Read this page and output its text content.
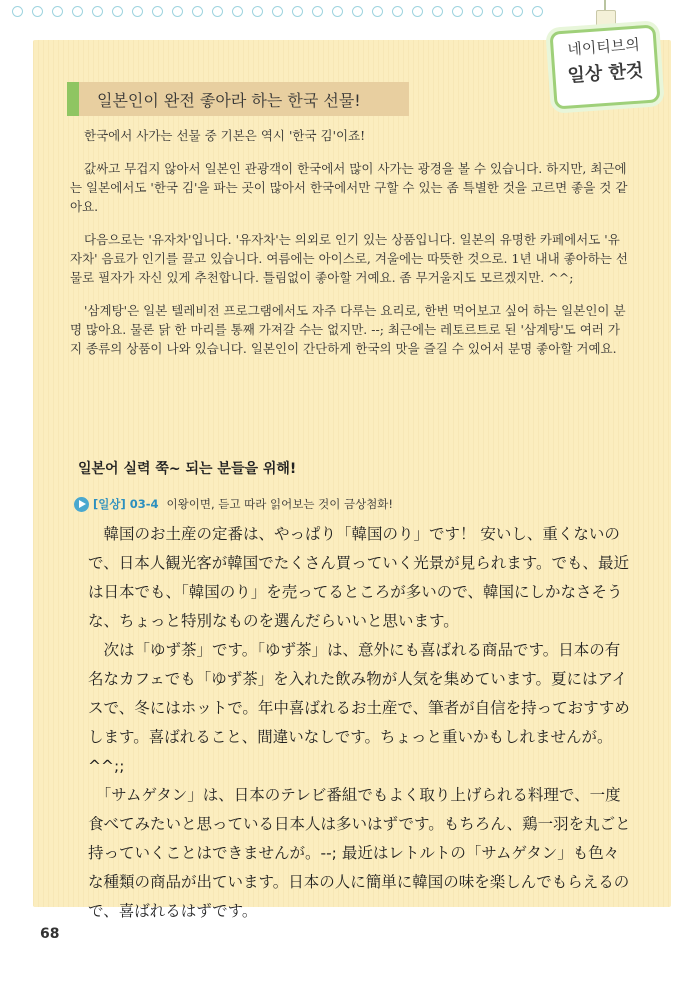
네이티브의
일상 한것
일본인이 완전 좋아라 하는 한국 선물!

한국에서 사가는 선물 중 기본은 역시 '한국 김'이죠!

값싸고 무겁지 않아서 일본인 관광객이 한국에서 많이 사가는 광경을 볼 수 있습니다. 하지만, 최근에는 일본에서도 '한국 김'을 파는 곳이 많아서 한국에서만 구할 수 있는 좀 특별한 것을 고르면 좋을 것 같아요.

다음으로는 '유자차'입니다. '유자차'는 의외로 인기 있는 상품입니다. 일본의 유명한 카페에서도 '유자차' 음료가 인기를 끌고 있습니다. 여름에는 아이스로, 겨울에는 따뜻한 것으로. 1년 내내 좋아하는 선물로 필자가 자신 있게 추천합니다. 틀림없이 좋아할 거예요. 좀 무거울지도 모르겠지만. ^^;

'삼계탕'은 일본 텔레비전 프로그램에서도 자주 다루는 요리로, 한번 먹어보고 싶어 하는 일본인이 분명 많아요. 물론 닭 한 마리를 통째 가져갈 수는 없지만. --; 최근에는 레토르트로 된 '삼계탕'도 여러 가지 종류의 상품이 나와 있습니다. 일본인이 간단하게 한국의 맛을 즐길 수 있어서 분명 좋아할 거예요.

일본어 실력 쭉~ 되는 분들을 위해!
[일상] 03-4 이왕이면, 듣고 따라 읽어보는 것이 금상첨화!

　韓国のお土産の定番は、やっぱり「韓国のり」です！ 安いし、重くないので、日本人観光客が韓国でたくさん買っていく光景が見られます。でも、最近は日本でも、「韓国のり」を売ってるところが多いので、韓国にしかなさそうな、ちょっと特別なものを選んだらいいと思います。

　次は「ゆず茶」です。「ゆず茶」は、意外にも喜ばれる商品です。日本の有名なカフェでも「ゆず茶」を入れた飲み物が人気を集めています。夏にはアイスで、冬にはホットで。年中喜ばれるお土産で、筆者が自信を持っておすすめします。喜ばれること、間違いなしです。ちょっと重いかもしれませんが。^^;;

　「サムゲタン」は、日本のテレビ番組でもよく取り上げられる料理で、一度食べてみたいと思っている日本人は多いはずです。もちろん、鶏一羽を丸ごと持っていくことはできませんが。--; 最近はレトルトの「サムゲタン」も色々な種類の商品が出ています。日本の人に簡単に韓国の味を楽しんでもらえるので、喜ばれるはずです。

68
